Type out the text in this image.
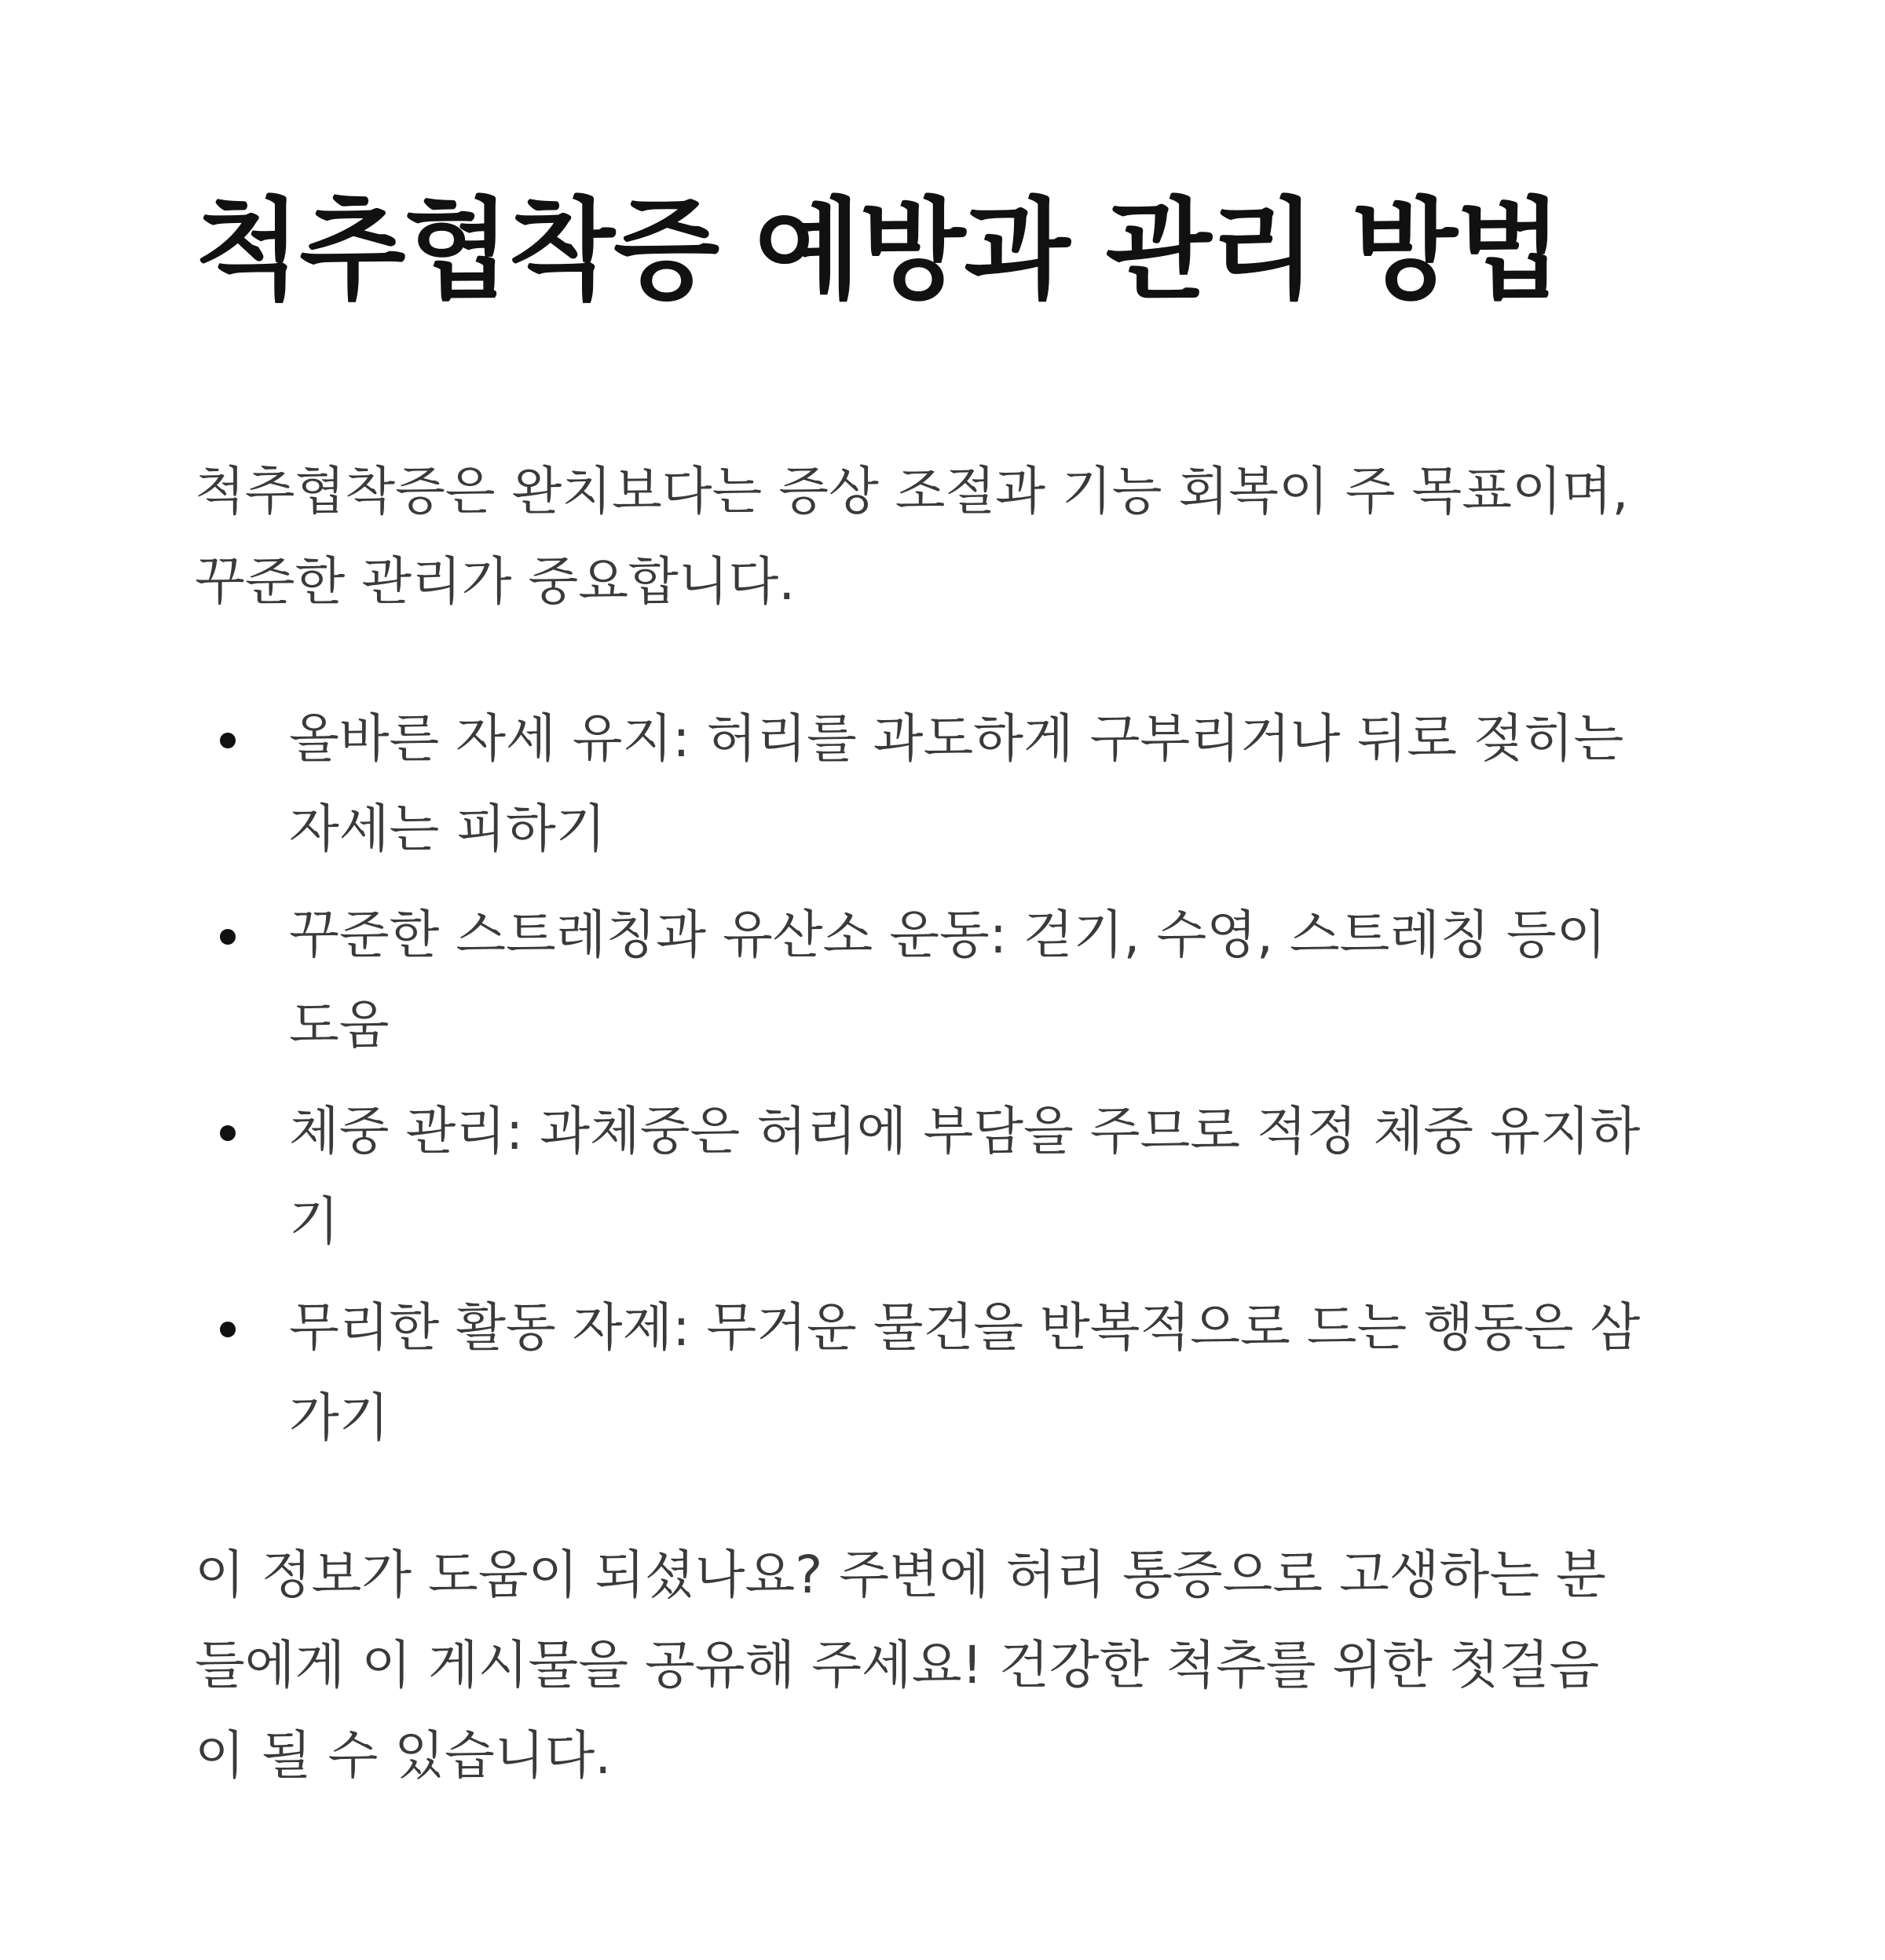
척추협착증 예방과 관리 방법

척추협착증은 완치보다는 증상 조절과 기능 회복이 주 목표이며,
꾸준한 관리가 중요합니다.

올바른 자세 유지: 허리를 과도하게 구부리거나 뒤로 젖히는
자세는 피하기
꾸준한 스트레칭과 유산소 운동: 걷기, 수영, 스트레칭 등이
도움
체중 관리: 과체중은 허리에 부담을 주므로 적정 체중 유지하
기
무리한 활동 자제: 무거운 물건을 반복적으로 드는 행동은 삼
가기

이 정보가 도움이 되셨나요? 주변에 허리 통증으로 고생하는 분
들에게 이 게시물을 공유해 주세요! 건강한 척추를 위한 첫걸음
이 될 수 있습니다.
